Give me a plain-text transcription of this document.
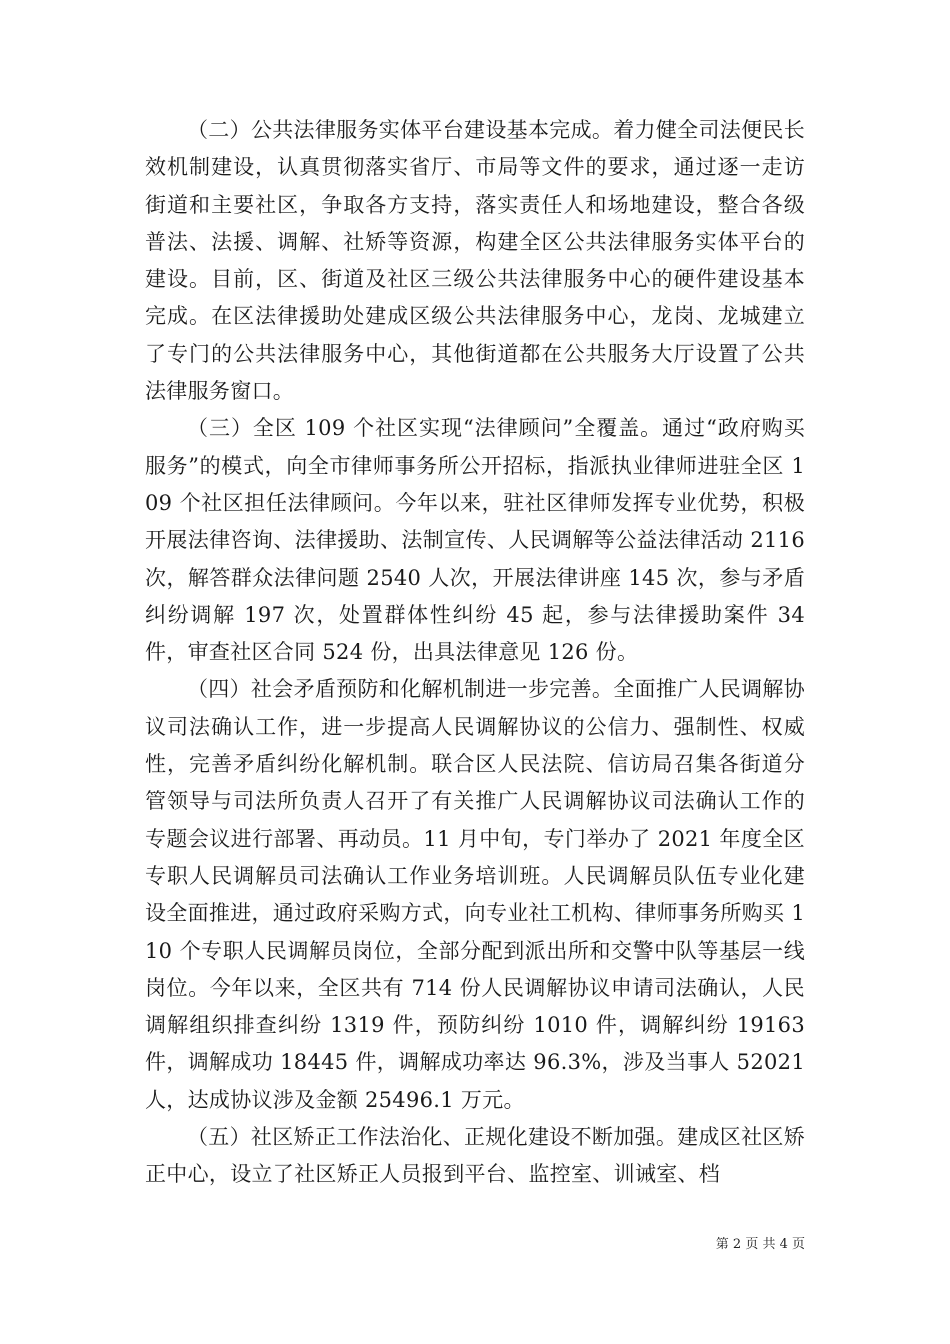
（二）公共法律服务实体平台建设基本完成。着力健全司法便民长效机制建设，认真贯彻落实省厅、市局等文件的要求，通过逐一走访街道和主要社区，争取各方支持，落实责任人和场地建设，整合各级普法、法援、调解、社矫等资源，构建全区公共法律服务实体平台的建设。目前，区、街道及社区三级公共法律服务中心的硬件建设基本完成。在区法律援助处建成区级公共法律服务中心，龙岗、龙城建立了专门的公共法律服务中心，其他街道都在公共服务大厅设置了公共法律服务窗口。

（三）全区 109 个社区实现“法律顾问”全覆盖。通过“政府购买服务”的模式，向全市律师事务所公开招标，指派执业律师进驻全区 109 个社区担任法律顾问。今年以来，驻社区律师发挥专业优势，积极开展法律咨询、法律援助、法制宣传、人民调解等公益法律活动 2116 次，解答群众法律问题 2540 人次，开展法律讲座 145 次，参与矛盾纠纷调解 197 次，处置群体性纠纷 45 起，参与法律援助案件 34 件，审查社区合同 524 份，出具法律意见 126 份。

（四）社会矛盾预防和化解机制进一步完善。全面推广人民调解协议司法确认工作，进一步提高人民调解协议的公信力、强制性、权威性，完善矛盾纠纷化解机制。联合区人民法院、信访局召集各街道分管领导与司法所负责人召开了有关推广人民调解协议司法确认工作的专题会议进行部署、再动员。11 月中旬，专门举办了 2021 年度全区专职人民调解员司法确认工作业务培训班。人民调解员队伍专业化建设全面推进，通过政府采购方式，向专业社工机构、律师事务所购买 110 个专职人民调解员岗位，全部分配到派出所和交警中队等基层一线岗位。今年以来，全区共有 714 份人民调解协议申请司法确认，人民调解组织排查纠纷 1319 件，预防纠纷 1010 件，调解纠纷 19163 件，调解成功 18445 件，调解成功率达 96.3%，涉及当事人 52021 人，达成协议涉及金额 25496.1 万元。

（五）社区矫正工作法治化、正规化建设不断加强。建成区社区矫正中心，设立了社区矫正人员报到平台、监控室、训诫室、档

第 2 页 共 4 页
